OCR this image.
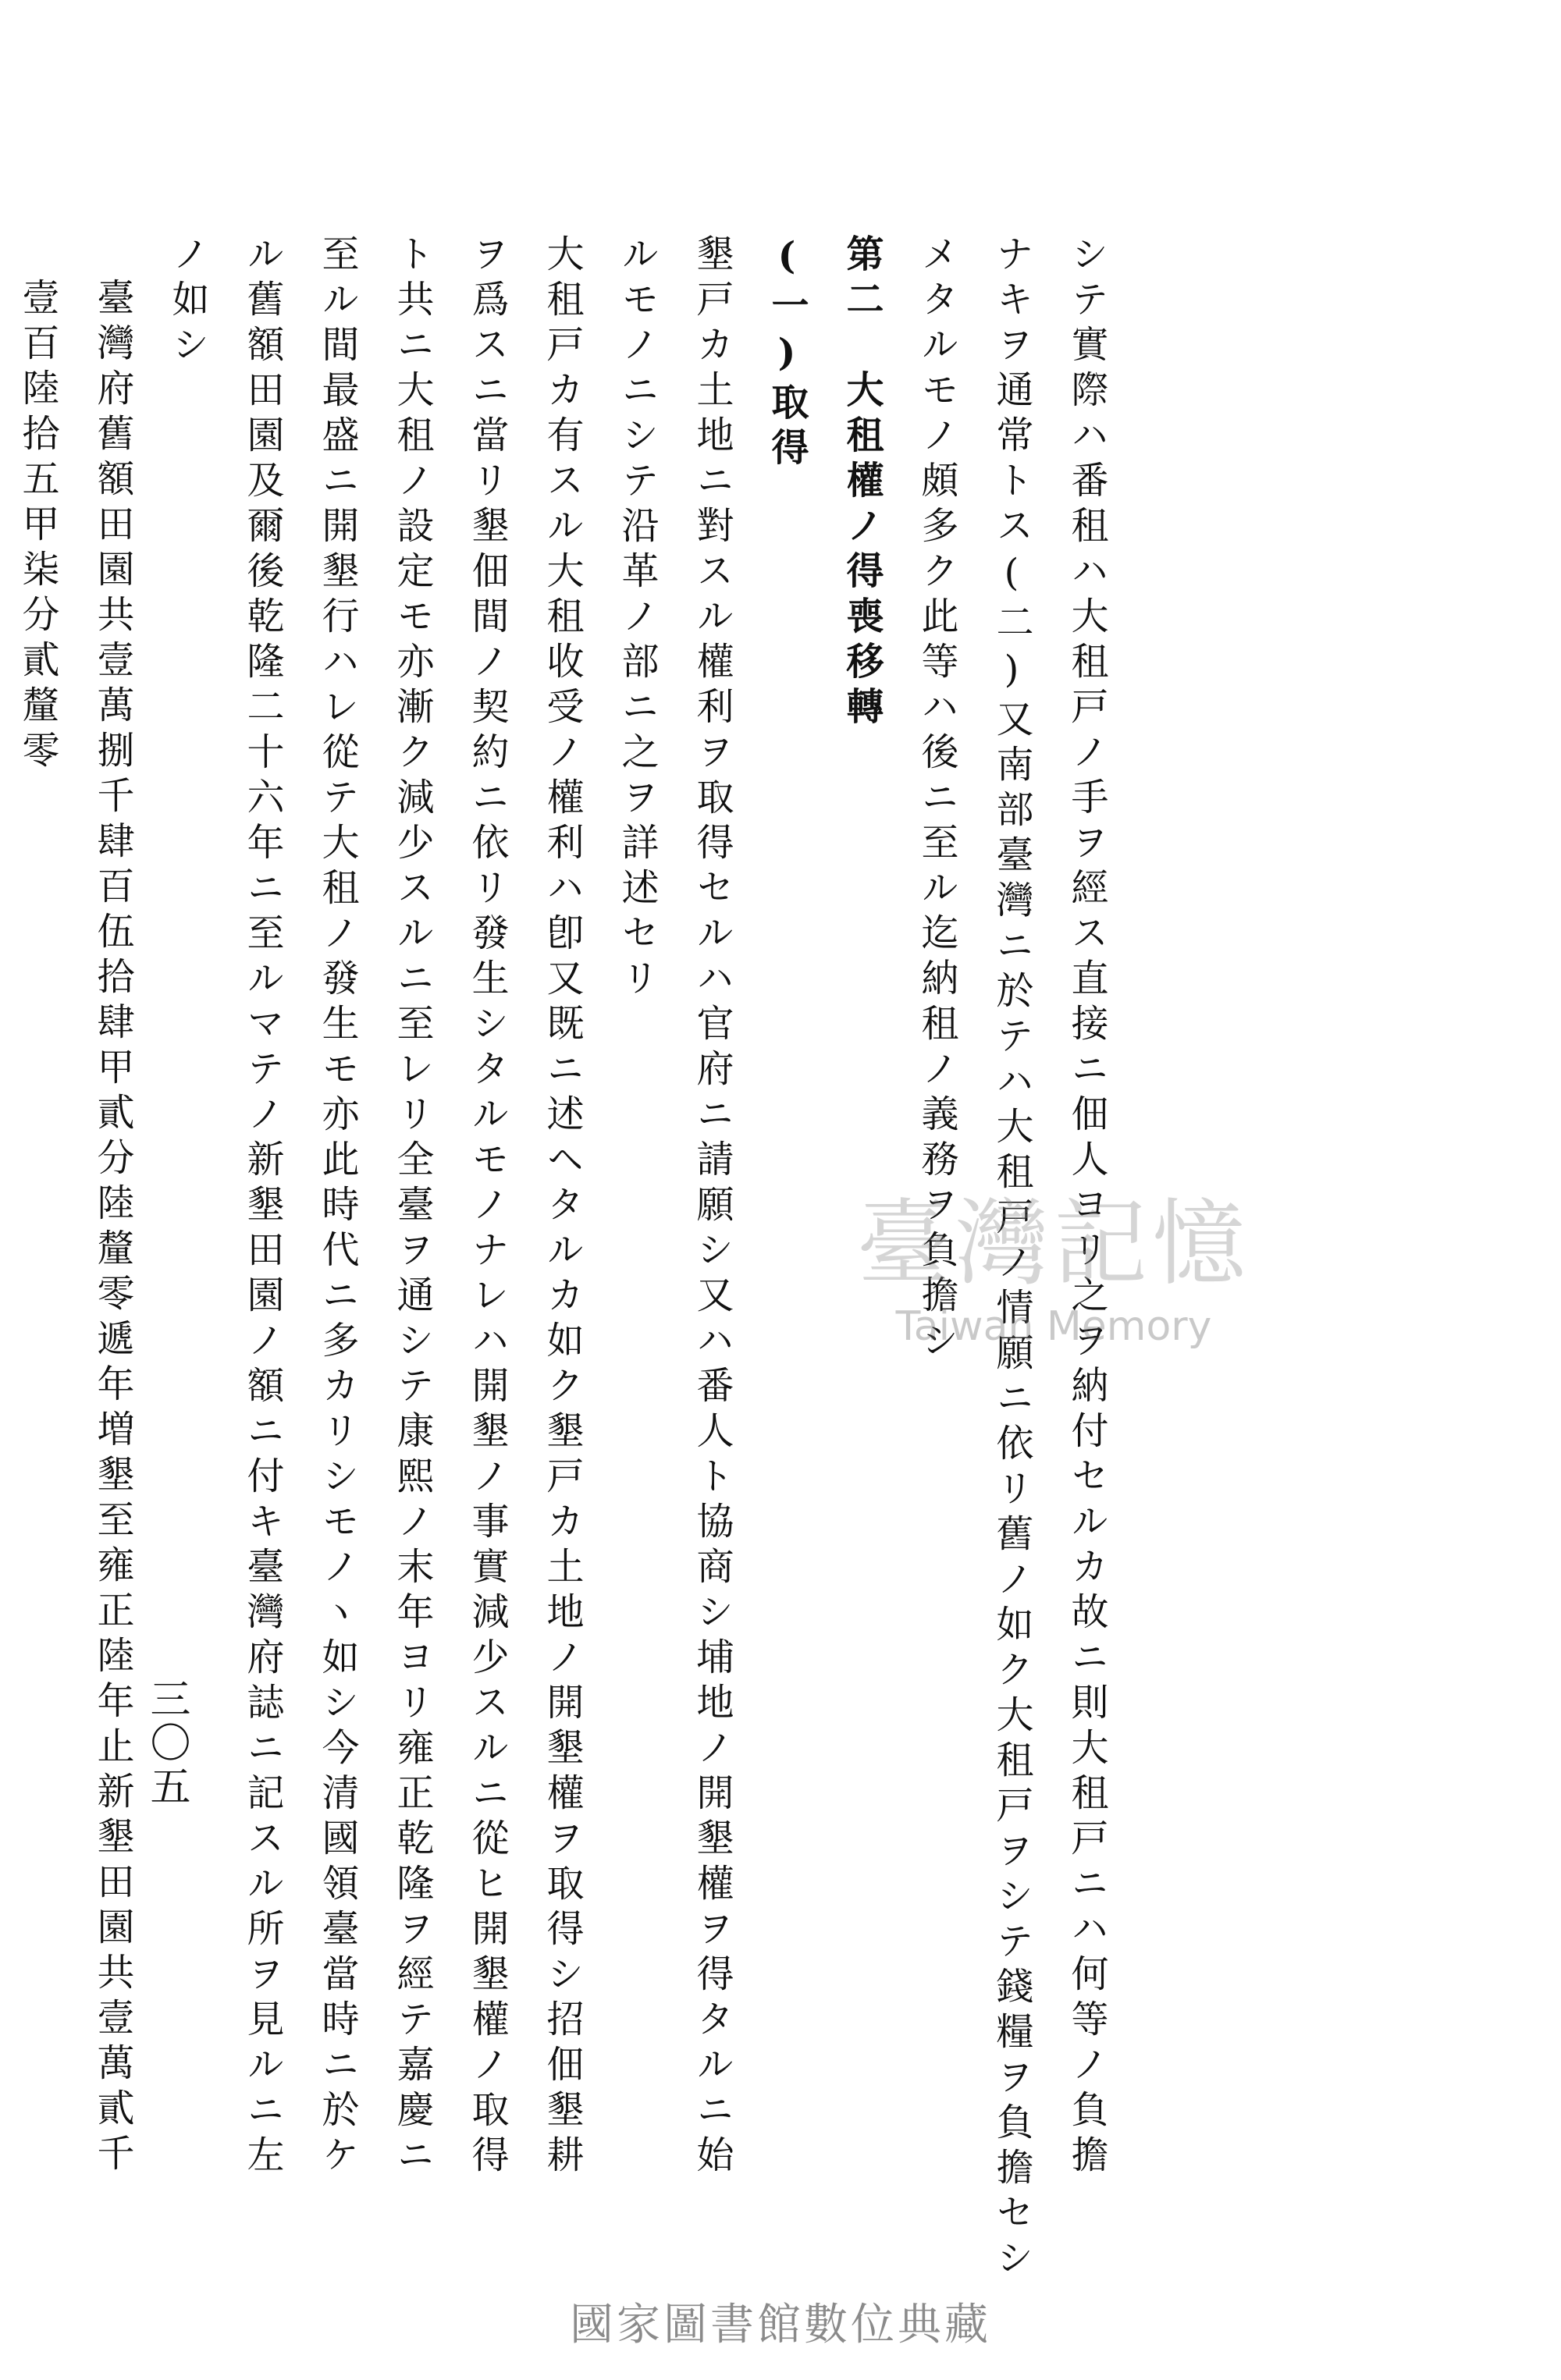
シテ實際ハ番租ハ大租戸ノ手ヲ經ス直接ニ佃人ヨリ之ヲ納付セルカ故ニ則大租戸ニハ何等ノ負擔
ナキヲ通常トス(二)又南部臺灣ニ於テハ大租戸ノ情願ニ依リ舊ノ如ク大租戸ヲシテ錢糧ヲ負擔セシ
メタルモノ頗多ク此等ハ後ニ至ル迄納租ノ義務ヲ負擔シ
第二　大租權ノ得喪移轉
(一)取得
墾戸カ土地ニ對スル權利ヲ取得セルハ官府ニ請願シ又ハ番人ト協商シ埔地ノ開墾權ヲ得タルニ始
ルモノニシテ沿革ノ部ニ之ヲ詳述セリ
大租戸カ有スル大租收受ノ權利ハ卽又既ニ述ヘタルカ如ク墾戸カ土地ノ開墾權ヲ取得シ招佃墾耕
ヲ爲スニ當リ墾佃間ノ契約ニ依リ發生シタルモノナレハ開墾ノ事實減少スルニ從ヒ開墾權ノ取得
ト共ニ大租ノ設定モ亦漸ク減少スルニ至レリ全臺ヲ通シテ康熙ノ末年ヨリ雍正乾隆ヲ經テ嘉慶ニ
至ル間最盛ニ開墾行ハレ從テ大租ノ發生モ亦此時代ニ多カリシモノヽ如シ今清國領臺當時ニ於ケ
ル舊額田園及爾後乾隆二十六年ニ至ルマテノ新墾田園ノ額ニ付キ臺灣府誌ニ記スル所ヲ見ルニ左
ノ如シ
臺灣府舊額田園共壹萬捌千肆百伍拾肆甲貳分陸釐零遞年増墾至雍正陸年止新墾田園共壹萬貳千
壹百陸拾五甲柒分貳釐零
三〇五
臺灣記憶
Taiwan Memory
國家圖書館數位典藏
